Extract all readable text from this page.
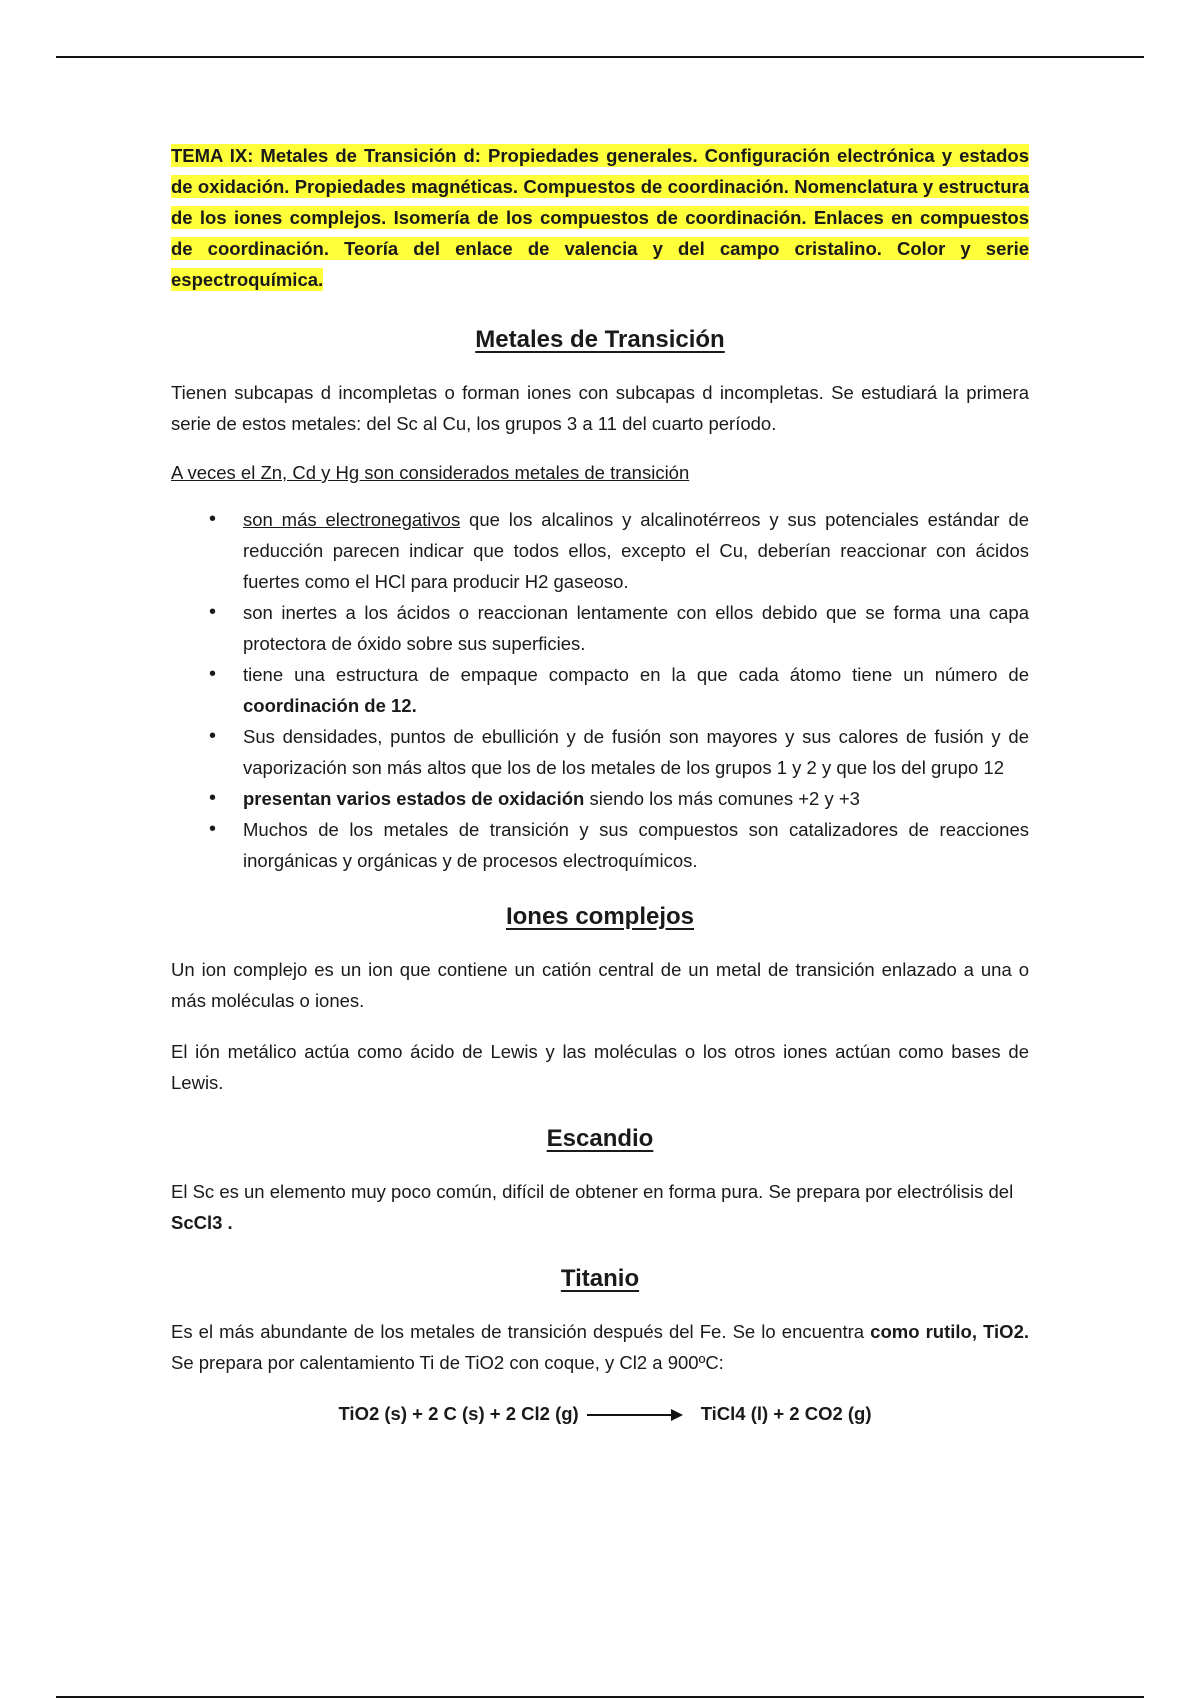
TEMA IX: Metales de Transición d: Propiedades generales. Configuración electrónica y estados de oxidación. Propiedades magnéticas. Compuestos de coordinación. Nomenclatura y estructura de los iones complejos. Isomería de los compuestos de coordinación. Enlaces en compuestos de coordinación. Teoría del enlace de valencia y del campo cristalino. Color y serie espectroquímica.

Metales de Transición

Tienen subcapas d incompletas o forman iones con subcapas d incompletas. Se estudiará la primera serie de estos metales: del Sc al Cu, los grupos 3 a 11 del cuarto período.

A veces el Zn, Cd y Hg son considerados metales de transición

• son más electronegativos que los alcalinos y alcalinotérreos y sus potenciales estándar de reducción parecen indicar que todos ellos, excepto el Cu, deberían reaccionar con ácidos fuertes como el HCl para producir H2 gaseoso.
• son inertes a los ácidos o reaccionan lentamente con ellos debido que se forma una capa protectora de óxido sobre sus superficies.
• tiene una estructura de empaque compacto en la que cada átomo tiene un número de coordinación de 12.
• Sus densidades, puntos de ebullición y de fusión son mayores y sus calores de fusión y de vaporización son más altos que los de los metales de los grupos 1 y 2 y que los del grupo 12
• presentan varios estados de oxidación siendo los más comunes +2 y +3
• Muchos de los metales de transición y sus compuestos son catalizadores de reacciones inorgánicas y orgánicas y de procesos electroquímicos.
Iones complejos

Un ion complejo es un ion que contiene un catión central de un metal de transición enlazado a una o más moléculas o iones.

El ión metálico actúa como ácido de Lewis y las moléculas o los otros iones actúan como bases de Lewis.

Escandio

El Sc es un elemento muy poco común, difícil de obtener en forma pura. Se prepara por electrólisis del ScCl3 .

Titanio

Es el más abundante de los metales de transición después del Fe. Se lo encuentra como rutilo, TiO2. Se prepara por calentamiento Ti de TiO2 con coque, y Cl2 a 900ºC:

TiO2 (s) + 2 C (s) + 2 Cl2 (g)	TiCl4 (l) + 2 CO2 (g)
